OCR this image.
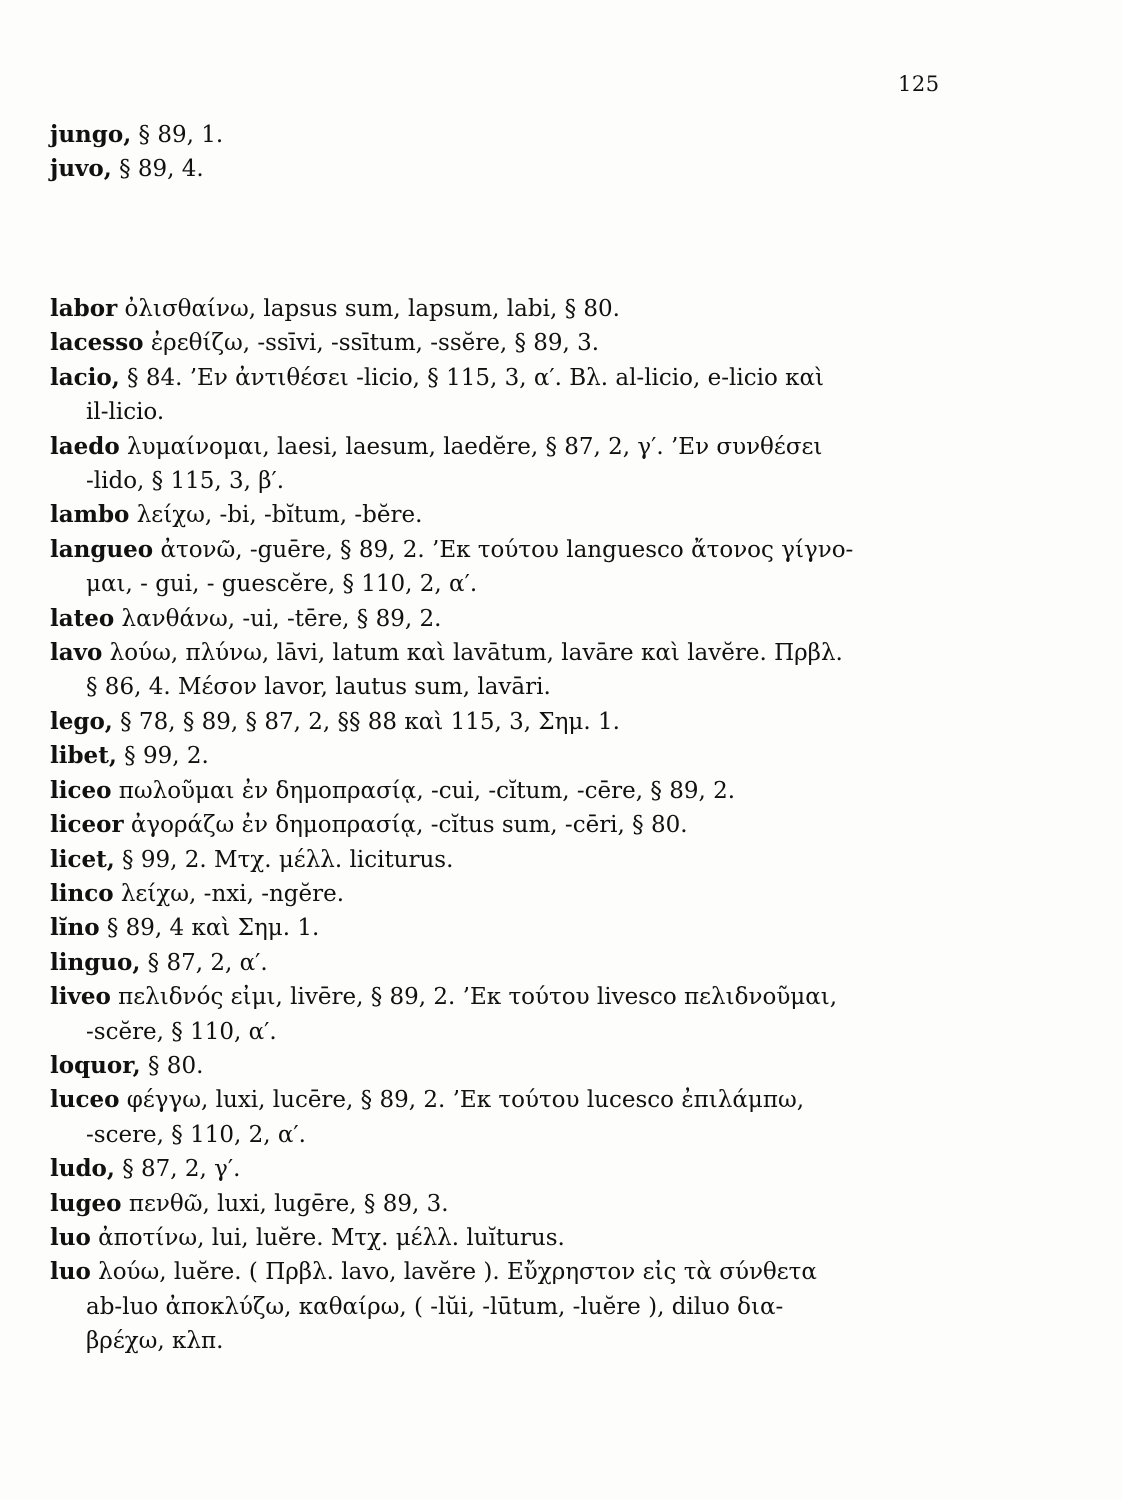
125
jungo, § 89, 1.
juvo, § 89, 4.
labor ὀλισθαίνω, lapsus sum, lapsum, labi, § 80.
lacesso ἐρεθίζω, -ssīvi, -ssītum, -ssĕre, § 89, 3.
lacio, § 84. ’Εν ἀντιθέσει -licio, § 115, 3, α′. Βλ. al-licio, e-licio καὶ
il-licio.
laedo λυμαίνομαι, laesi, laesum, laedĕre, § 87, 2, γ′. ’Εν συνθέσει
-lido, § 115, 3, β′.
lambo λείχω, -bi, -bĭtum, -bĕre.
langueo ἀτονῶ, -guēre, § 89, 2. ’Εκ τούτου languesco ἄτονος γίγνο-
μαι, - gui, - guescĕre, § 110, 2, α′.
lateo λανθάνω, -ui, -tēre, § 89, 2.
lavo λούω, πλύνω, lāvi, latum καὶ lavātum, lavāre καὶ lavĕre. Πρβλ.
§ 86, 4. Μέσον lavor, lautus sum, lavāri.
lego, § 78, § 89, § 87, 2, §§ 88 καὶ 115, 3, Σημ. 1.
libet, § 99, 2.
liceo πωλοῦμαι ἐν δημοπρασίᾳ, -cui, -cĭtum, -cēre, § 89, 2.
liceor ἀγοράζω ἐν δημοπρασίᾳ, -cĭtus sum, -cēri, § 80.
licet, § 99, 2. Μτχ. μέλλ. liciturus.
linco λείχω, -nxi, -ngĕre.
lĭno § 89, 4 καὶ Σημ. 1.
linguo, § 87, 2, α′.
liveo πελιδνός εἰμι, livēre, § 89, 2. ’Εκ τούτου livesco πελιδνοῦμαι,
-scĕre, § 110, α′.
loquor, § 80.
luceo φέγγω, luxi, lucēre, § 89, 2. ’Εκ τούτου lucesco ἐπιλάμπω,
-scere, § 110, 2, α′.
ludo, § 87, 2, γ′.
lugeo πενθῶ, luxi, lugēre, § 89, 3.
luo ἀποτίνω, lui, luĕre. Μτχ. μέλλ. luĭturus.
luo λούω, luĕre. ( Πρβλ. lavo, lavĕre ). Εὔχρηστον εἰς τὰ σύνθετα
ab-luo ἀποκλύζω, καθαίρω, ( -lŭi, -lūtum, -luĕre ), diluo δια-
βρέχω, κλπ.
